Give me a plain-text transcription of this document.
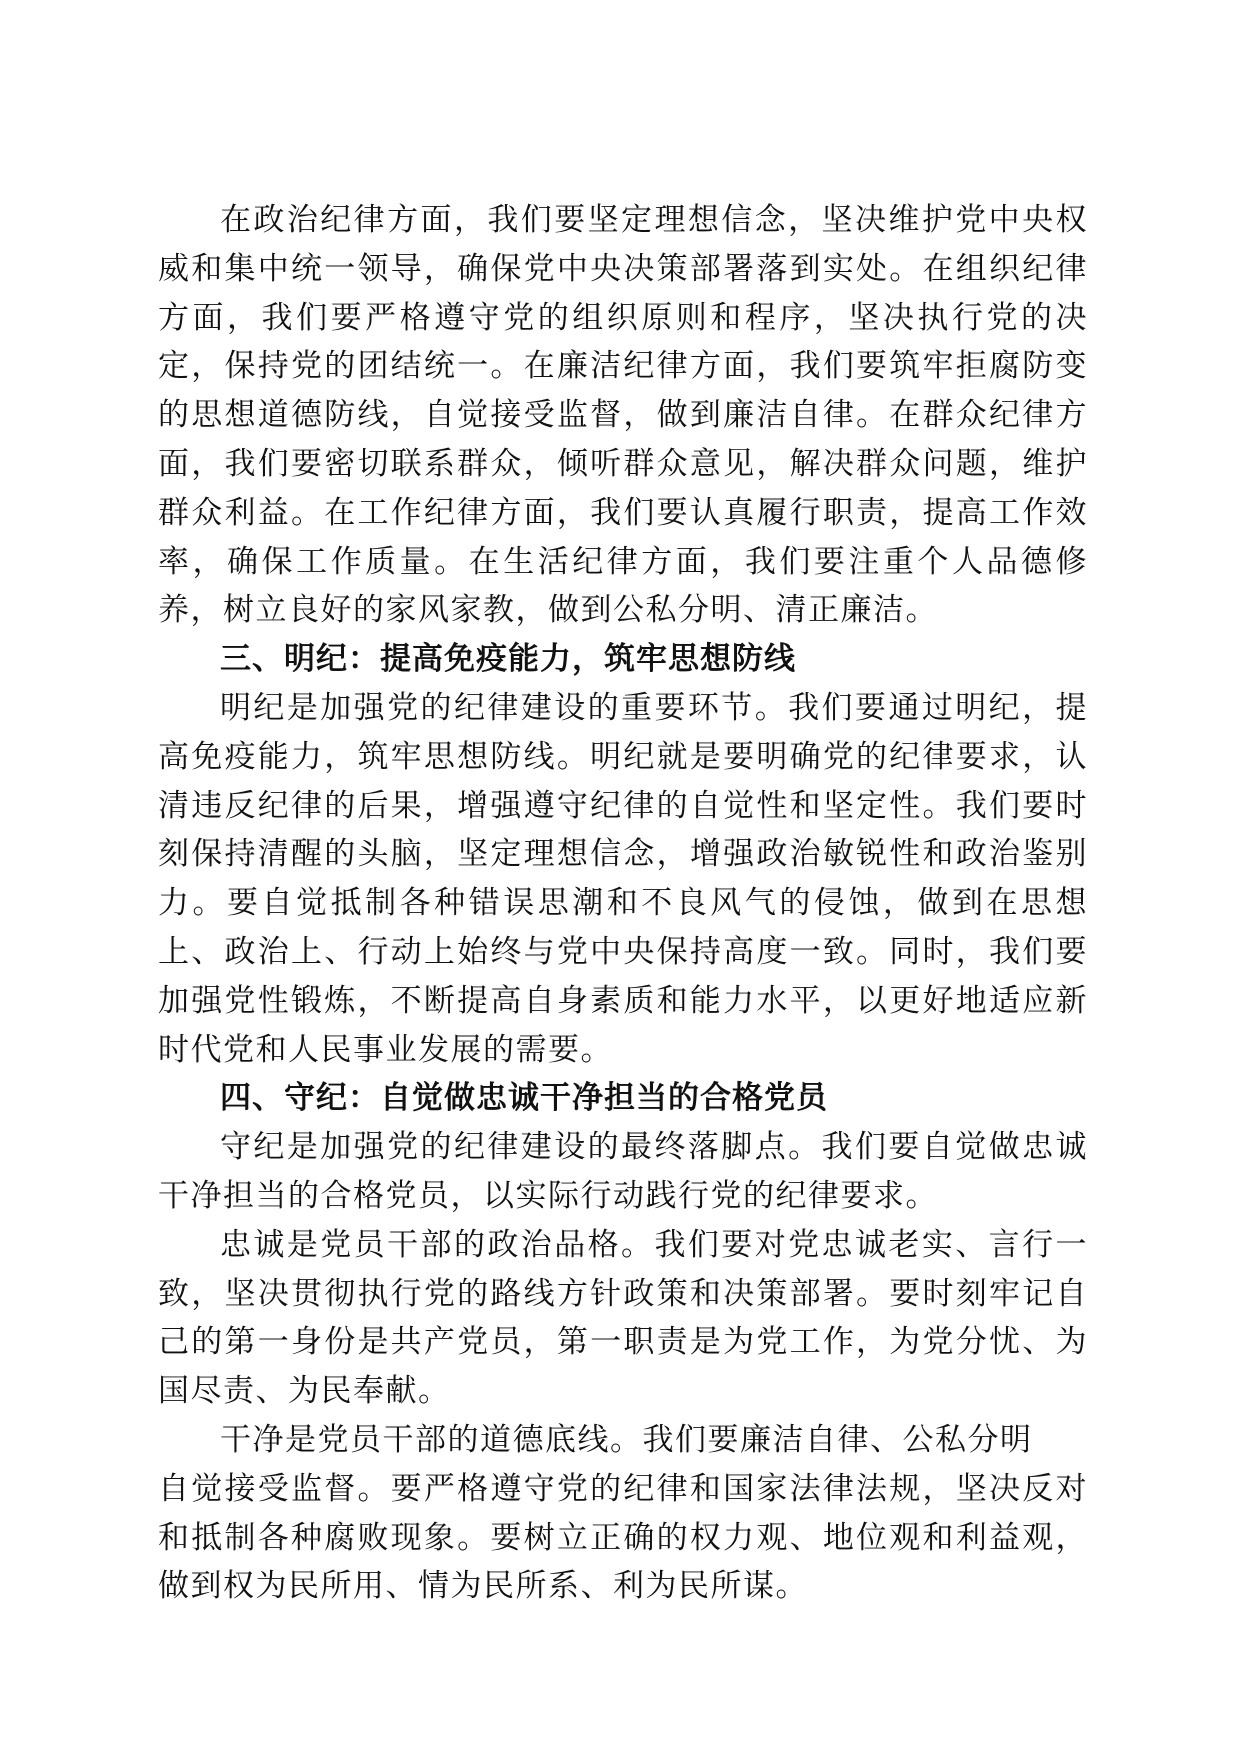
在政治纪律方面，我们要坚定理想信念，坚决维护党中央权威和集中统一领导，确保党中央决策部署落到实处。在组织纪律方面，我们要严格遵守党的组织原则和程序，坚决执行党的决定，保持党的团结统一。在廉洁纪律方面，我们要筑牢拒腐防变的思想道德防线，自觉接受监督，做到廉洁自律。在群众纪律方面，我们要密切联系群众，倾听群众意见，解决群众问题，维护群众利益。在工作纪律方面，我们要认真履行职责，提高工作效率，确保工作质量。在生活纪律方面，我们要注重个人品德修养，树立良好的家风家教，做到公私分明、清正廉洁。

三、明纪：提高免疫能力，筑牢思想防线

明纪是加强党的纪律建设的重要环节。我们要通过明纪，提高免疫能力，筑牢思想防线。明纪就是要明确党的纪律要求，认清违反纪律的后果，增强遵守纪律的自觉性和坚定性。我们要时刻保持清醒的头脑，坚定理想信念，增强政治敏锐性和政治鉴别力。要自觉抵制各种错误思潮和不良风气的侵蚀，做到在思想上、政治上、行动上始终与党中央保持高度一致。同时，我们要加强党性锻炼，不断提高自身素质和能力水平，以更好地适应新时代党和人民事业发展的需要。

四、守纪：自觉做忠诚干净担当的合格党员

守纪是加强党的纪律建设的最终落脚点。我们要自觉做忠诚干净担当的合格党员，以实际行动践行党的纪律要求。

忠诚是党员干部的政治品格。我们要对党忠诚老实、言行一致，坚决贯彻执行党的路线方针政策和决策部署。要时刻牢记自己的第一身份是共产党员，第一职责是为党工作，为党分忧、为国尽责、为民奉献。

干净是党员干部的道德底线。我们要廉洁自律、公私分明

自觉接受监督。要严格遵守党的纪律和国家法律法规，坚决反对和抵制各种腐败现象。要树立正确的权力观、地位观和利益观，做到权为民所用、情为民所系、利为民所谋。
